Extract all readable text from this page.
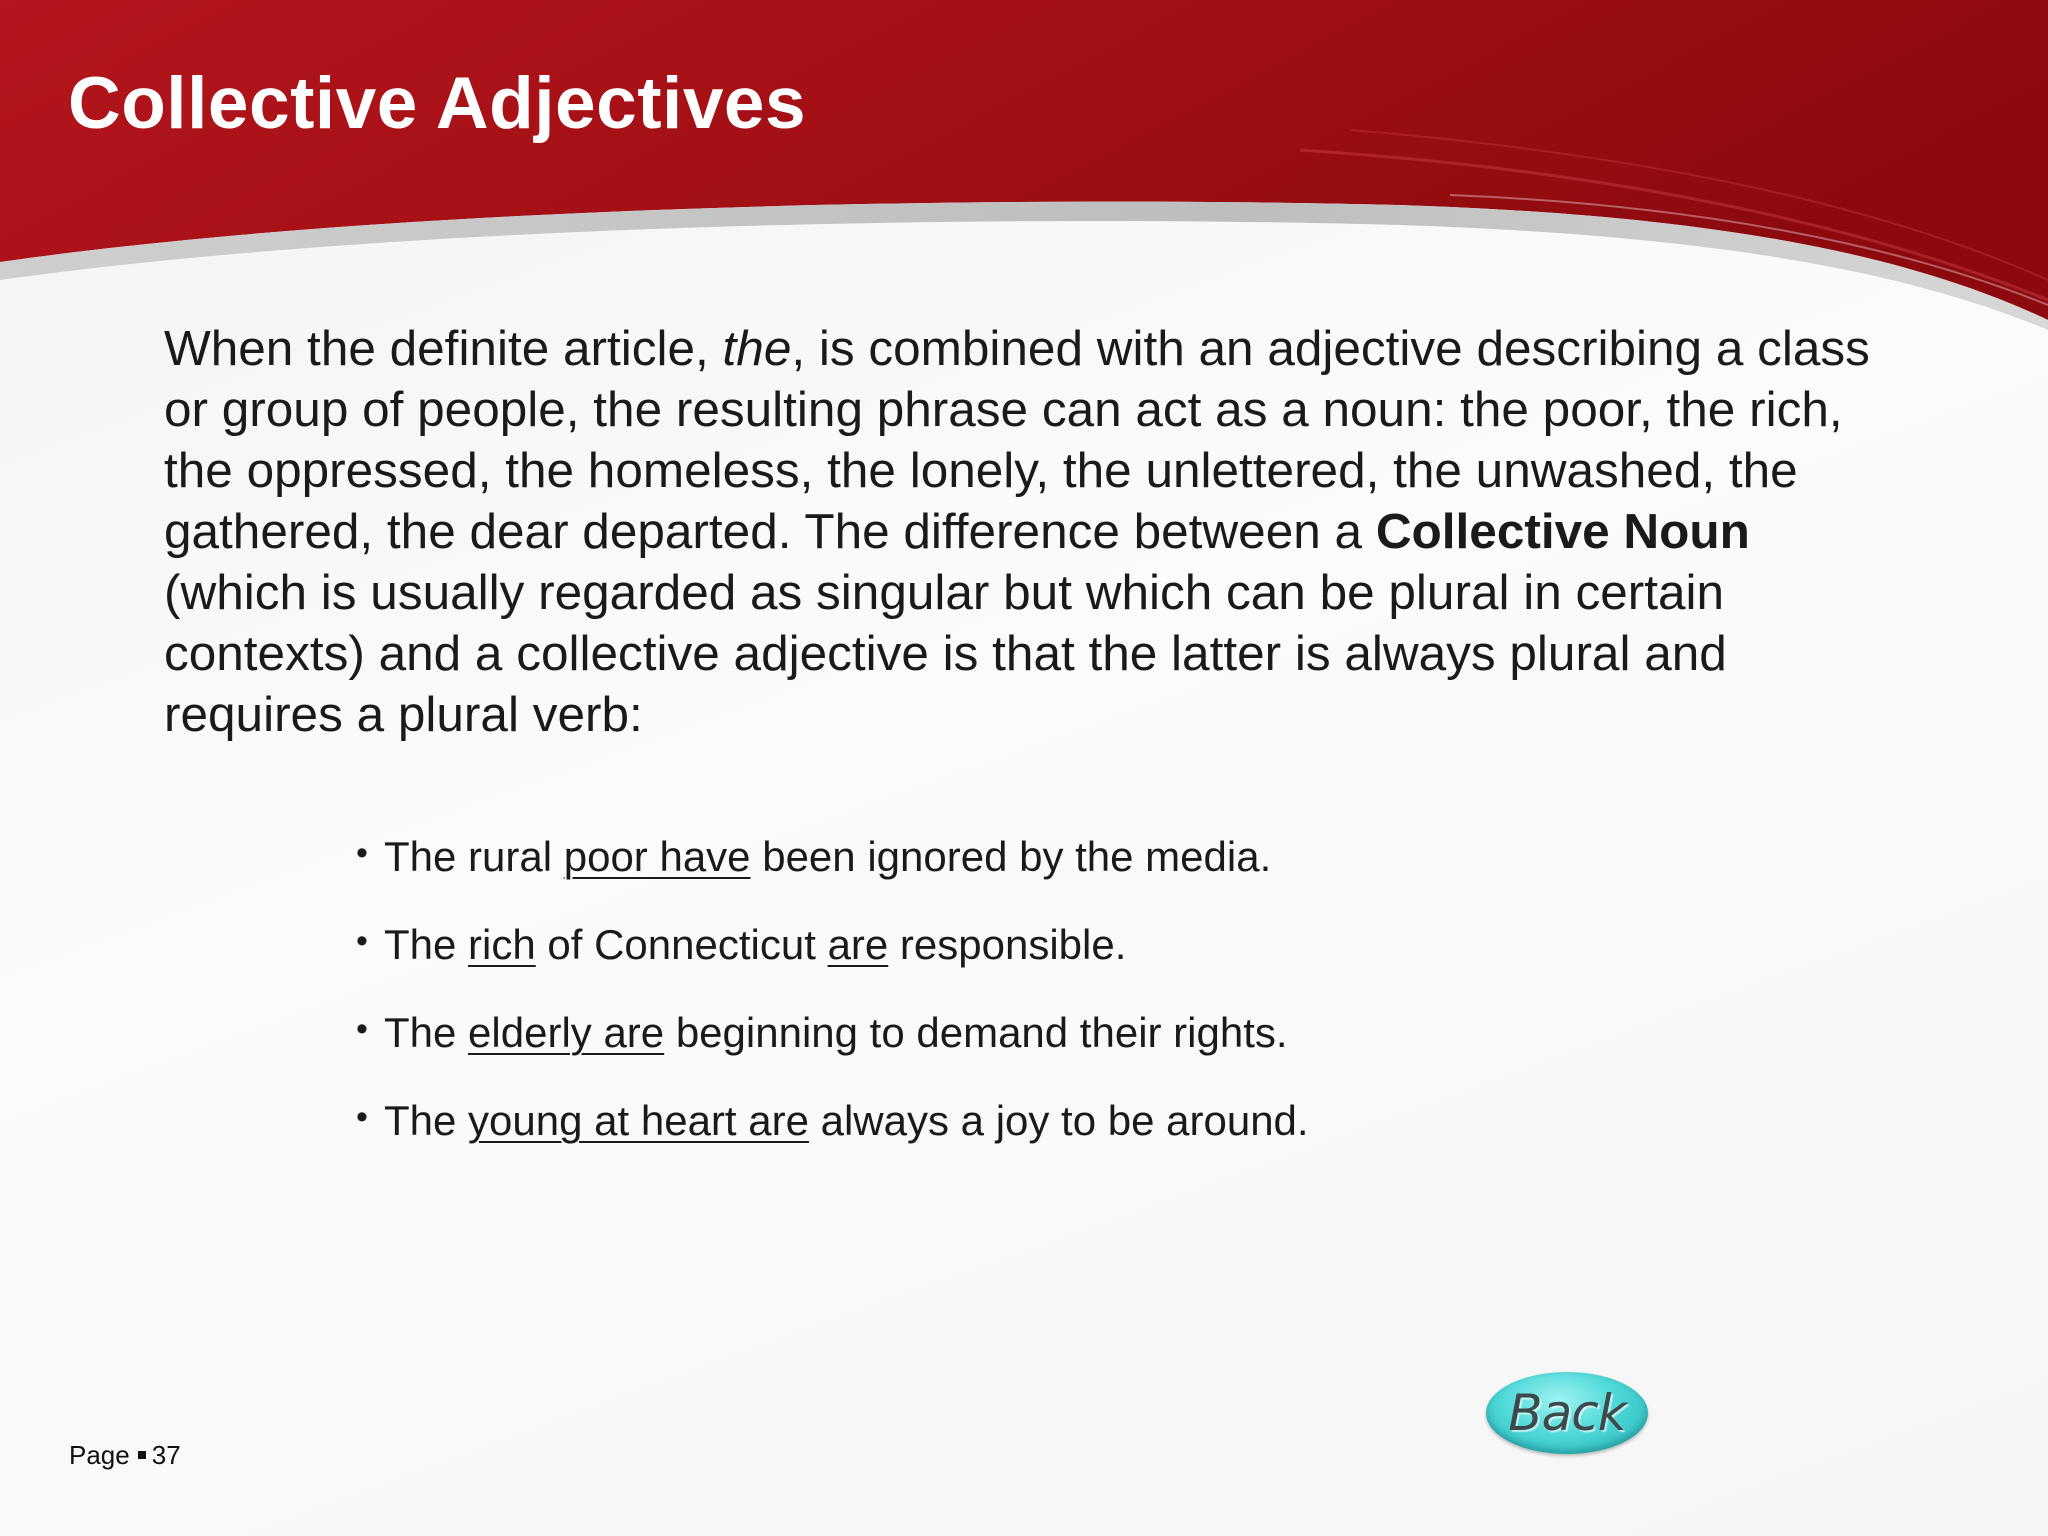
Collective Adjectives

When the definite article, the, is combined with an adjective describing a class or group of people, the resulting phrase can act as a noun: the poor, the rich, the oppressed, the homeless, the lonely, the unlettered, the unwashed, the gathered, the dear departed. The difference between a Collective Noun (which is usually regarded as singular but which can be plural in certain contexts) and a collective adjective is that the latter is always plural and requires a plural verb:

• The rural poor have been ignored by the media.
• The rich of Connecticut are responsible.
• The elderly are beginning to demand their rights.
• The young at heart are always a joy to be around.
Page 37
Back
